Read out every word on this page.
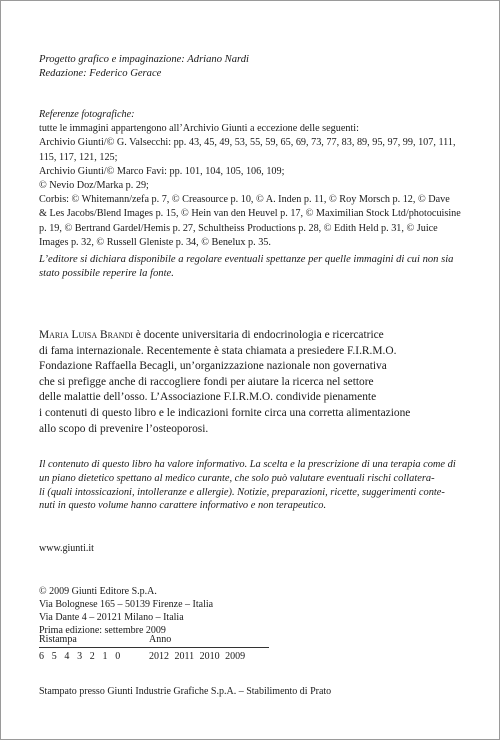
Progetto grafico e impaginazione: Adriano Nardi
Redazione: Federico Gerace
Referenze fotografiche:
tutte le immagini appartengono all’Archivio Giunti a eccezione delle seguenti:
Archivio Giunti/© G. Valsecchi: pp. 43, 45, 49, 53, 55, 59, 65, 69, 73, 77, 83, 89, 95, 97, 99, 107, 111,
115, 117, 121, 125;
Archivio Giunti/© Marco Favi: pp. 101, 104, 105, 106, 109;
© Nevio Doz/Marka p. 29;
Corbis: © Whitemann/zefa p. 7, © Creasource p. 10, © A. Inden p. 11, © Roy Morsch p. 12, © Dave
& Les Jacobs/Blend Images p. 15, © Hein van den Heuvel p. 17, © Maximilian Stock Ltd/photocuisine
p. 19, © Bertrand Gardel/Hemis p. 27, Schultheiss Productions p. 28, © Edith Held p. 31, © Juice
Images p. 32, © Russell Gleniste p. 34, © Benelux p. 35.
L’editore si dichiara disponibile a regolare eventuali spettanze per quelle immagini di cui non sia
stato possibile reperire la fonte.
Maria Luisa Brandi è docente universitaria di endocrinologia e ricercatrice
di fama internazionale. Recentemente è stata chiamata a presiedere F.I.R.M.O.
Fondazione Raffaella Becagli, un’organizzazione nazionale non governativa
che si prefigge anche di raccogliere fondi per aiutare la ricerca nel settore
delle malattie dell’osso. L’Associazione F.I.R.M.O. condivide pienamente
i contenuti di questo libro e le indicazioni fornite circa una corretta alimentazione
allo scopo di prevenire l’osteoporosi.
Il contenuto di questo libro ha valore informativo. La scelta e la prescrizione di una terapia come di
un piano dietetico spettano al medico curante, che solo può valutare eventuali rischi collatera-
li (quali intossicazioni, intolleranze e allergie). Notizie, preparazioni, ricette, suggerimenti conte-
nuti in questo volume hanno carattere informativo e non terapeutico.
www.giunti.it
© 2009 Giunti Editore S.p.A.
Via Bolognese 165 – 50139 Firenze – Italia
Via Dante 4 – 20121 Milano – Italia
Prima edizione: settembre 2009
Ristampa	Anno
6 5 4 3 2 1 0	2012 2011 2010 2009
Stampato presso Giunti Industrie Grafiche S.p.A. – Stabilimento di Prato
